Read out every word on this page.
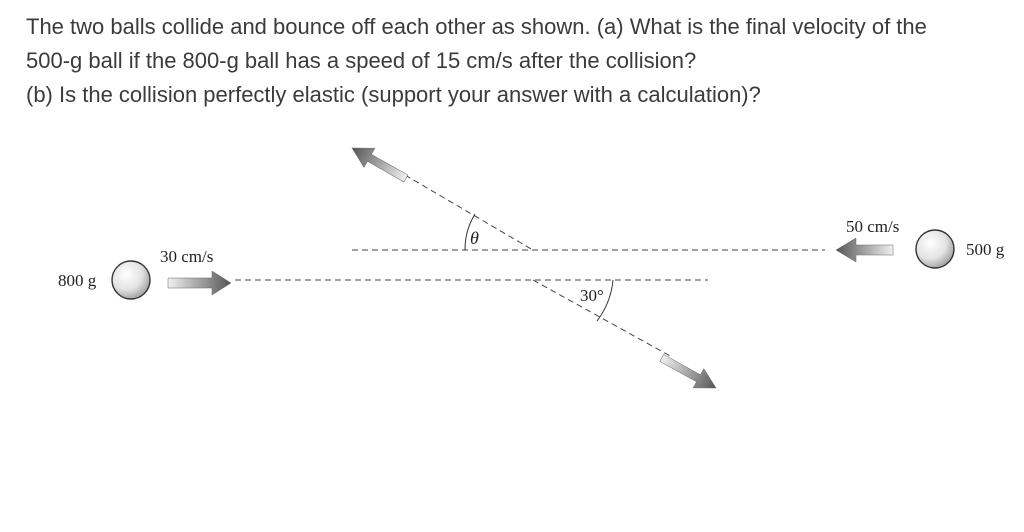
The two balls collide and bounce off each other as shown. (a) What is the final velocity of the

500-g ball if the 800-g ball has a speed of 15 cm/s after the collision?

(b) Is the collision perfectly elastic (support your answer with a calculation)?

800 g
30 cm/s
50 cm/s
500 g
θ
30°
